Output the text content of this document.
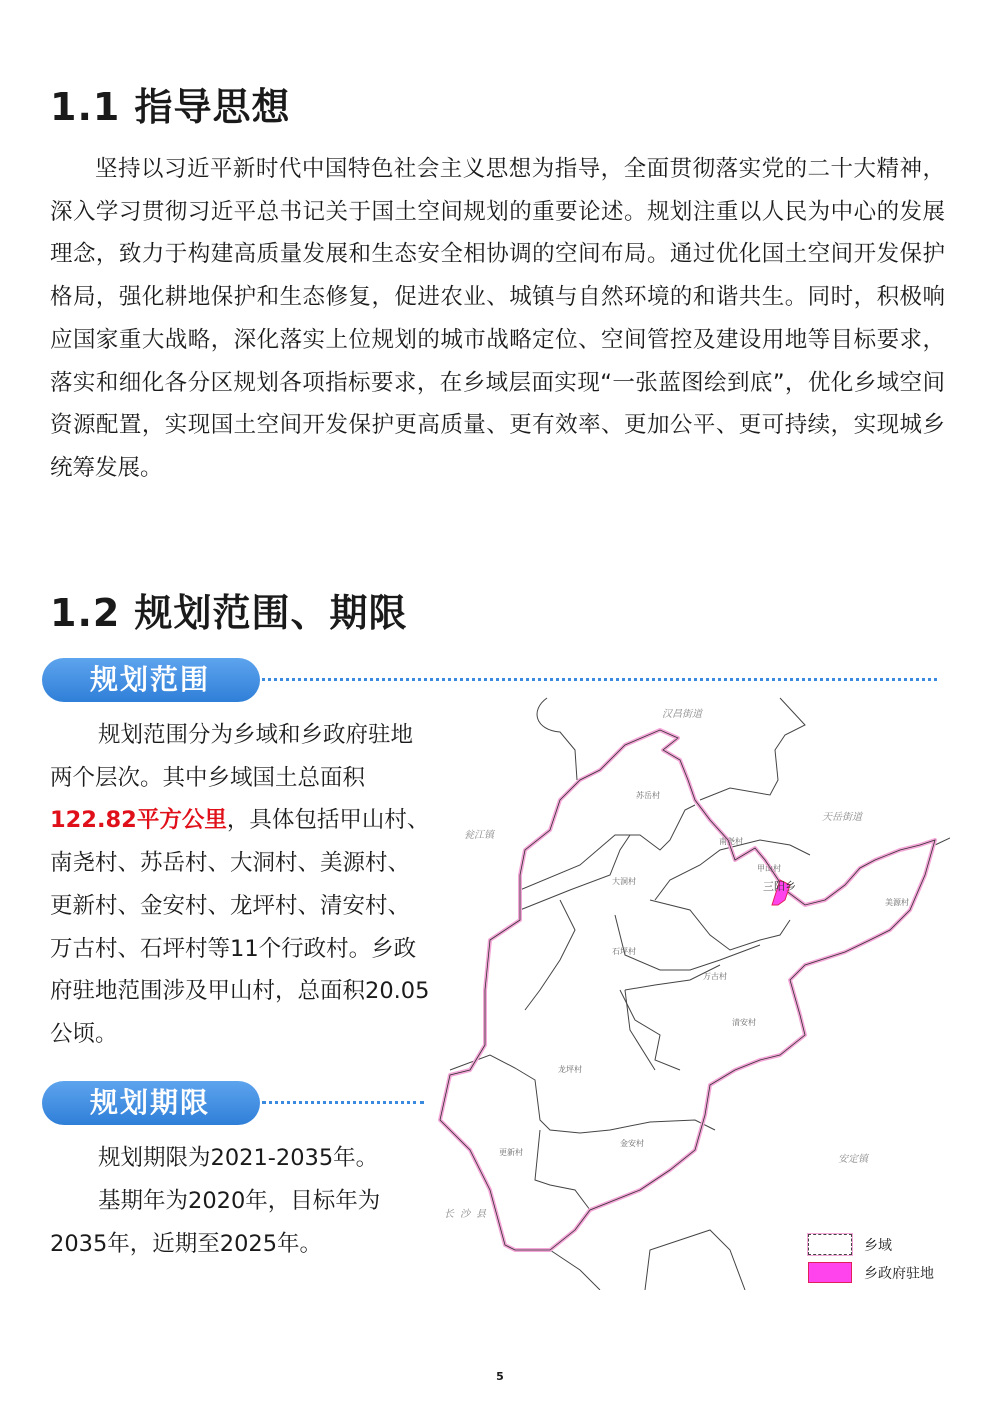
1.1 指导思想

坚持以习近平新时代中国特色社会主义思想为指导，全面贯彻落实党的二十大精神，深入学习贯彻习近平总书记关于国土空间规划的重要论述。规划注重以人民为中心的发展理念，致力于构建高质量发展和生态安全相协调的空间布局。通过优化国土空间开发保护格局，强化耕地保护和生态修复，促进农业、城镇与自然环境的和谐共生。同时，积极响应国家重大战略，深化落实上位规划的城市战略定位、空间管控及建设用地等目标要求，落实和细化各分区规划各项指标要求，在乡域层面实现“一张蓝图绘到底”，优化乡域空间资源配置，实现国土空间开发保护更高质量、更有效率、更加公平、更可持续，实现城乡统筹发展。

1.2 规划范围、期限
规划范围

规划范围分为乡域和乡政府驻地两个层次。其中乡域国土总面积122.82平方公里，具体包括甲山村、南尧村、苏岳村、大洞村、美源村、更新村、金安村、龙坪村、清安村、万古村、石坪村等11个行政村。乡政府驻地范围涉及甲山村，总面积20.05公顷。

规划期限

规划期限为2021-2035年。

基期年为2020年，目标年为2035年，近期至2025年。

汉昌街道
天岳街道
瓮江镇
安定镇
长沙县
苏岳村
南尧村
甲山村
美源村
大洞村
石坪村
万古村
清安村
龙坪村
更新村
金安村
三阳乡
乡域
乡政府驻地
5
